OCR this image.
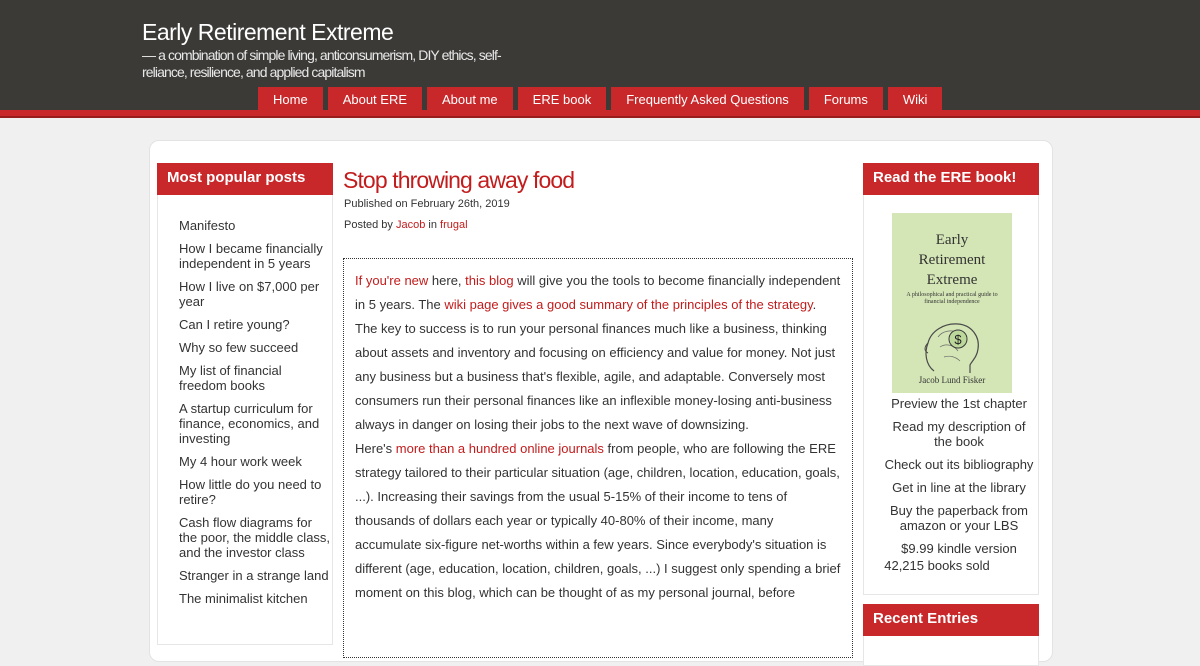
Early Retirement Extreme
— a combination of simple living, anticonsumerism, DIY ethics, self-reliance, resilience, and applied capitalism
Home	About ERE	About me	ERE book	Frequently Asked Questions	Forums	Wiki
Most popular posts
Manifesto
How I became financially independent in 5 years
How I live on $7,000 per year
Can I retire young?
Why so few succeed
My list of financial freedom books
A startup curriculum for finance, economics, and investing
My 4 hour work week
How little do you need to retire?
Cash flow diagrams for the poor, the middle class, and the investor class
Stranger in a strange land
The minimalist kitchen
Stop throwing away food
Published on February 26th, 2019
Posted by Jacob in frugal

If you're new here, this blog will give you the tools to become financially independent in 5 years. The wiki page gives a good summary of the principles of the strategy. The key to success is to run your personal finances much like a business, thinking about assets and inventory and focusing on efficiency and value for money. Not just any business but a business that's flexible, agile, and adaptable. Conversely most consumers run their personal finances like an inflexible money-losing anti-business always in danger on losing their jobs to the next wave of downsizing.

Here's more than a hundred online journals from people, who are following the ERE strategy tailored to their particular situation (age, children, location, education, goals, ...). Increasing their savings from the usual 5-15% of their income to tens of thousands of dollars each year or typically 40-80% of their income, many accumulate six-figure net-worths within a few years. Since everybody's situation is different (age, education, location, children, goals, ...) I suggest only spending a brief moment on this blog, which can be thought of as my personal journal, before

Read the ERE book!
Early
Retirement
Extreme
A philosophical and practical guide to financial independence
$
Jacob Lund Fisker
Preview the 1st chapter
Read my description of the book
Check out its bibliography
Get in line at the library
Buy the paperback from amazon or your LBS
$9.99 kindle version
42,215 books sold
Recent Entries
